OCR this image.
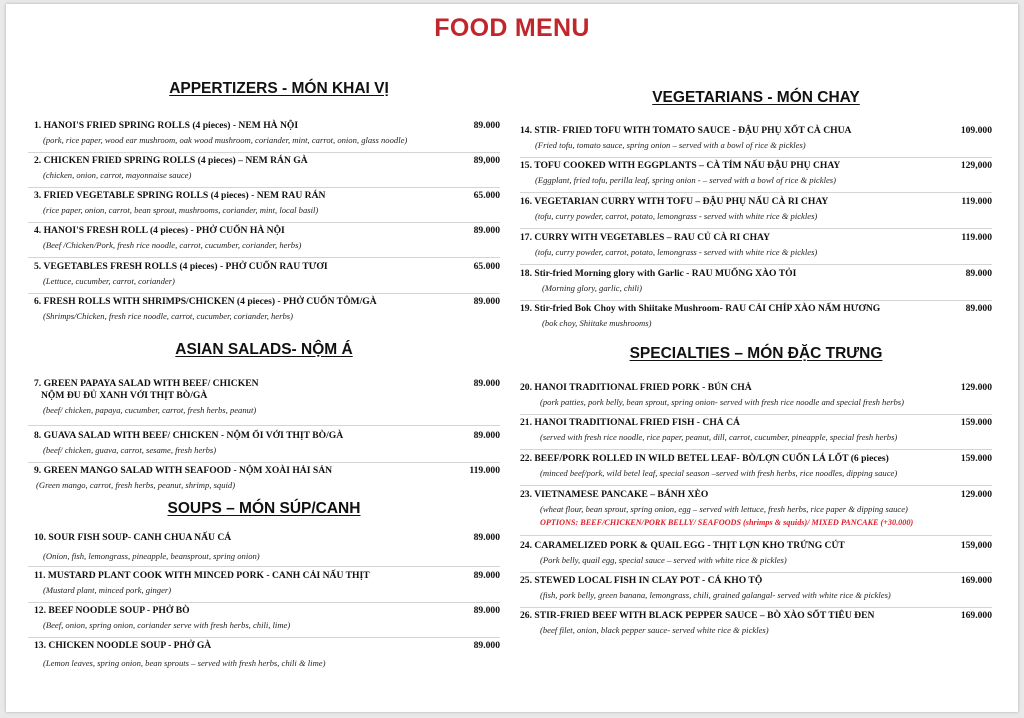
FOOD MENU
APPERTIZERS - MÓN KHAI VỊ
1. HANOI'S FRIED SPRING ROLLS (4 pieces) - NEM HÀ NỘI	89.000
(pork, rice paper, wood ear mushroom, oak wood mushroom, coriander, mint, carrot, onion, glass noodle)
2. CHICKEN FRIED SPRING ROLLS (4 pieces) – NEM RÁN GÀ	89,000
(chicken, onion, carrot, mayonnaise sauce)
3. FRIED VEGETABLE SPRING ROLLS (4 pieces) - NEM RAU RÁN	65.000
(rice paper, onion, carrot, bean sprout, mushrooms, coriander, mint, local basil)
4. HANOI'S FRESH ROLL (4 pieces) - PHỞ CUỐN HÀ NỘI	89.000
(Beef /Chicken/Pork, fresh rice noodle, carrot, cucumber, coriander, herbs)
5. VEGETABLES FRESH ROLLS (4 pieces) - PHỞ CUỐN RAU TƯƠI	65.000
(Lettuce, cucumber, carrot, coriander)
6. FRESH ROLLS WITH SHRIMPS/CHICKEN (4 pieces) - PHỞ CUỐN TÔM/GÀ	89.000
(Shrimps/Chicken, fresh rice noodle, carrot, cucumber, coriander, herbs)
ASIAN SALADS- NỘM Á
7. GREEN PAPAYA SALAD WITH BEEF/ CHICKEN	89.000
NỘM ĐU ĐỦ XANH VỚI THỊT BÒ/GÀ
(beef/ chicken, papaya, cucumber, carrot, fresh herbs, peanut)
8. GUAVA SALAD WITH BEEF/ CHICKEN - NỘM ỔI VỚI THỊT BÒ/GÀ	89.000
(beef/ chicken, guava, carrot, sesame, fresh herbs)
9. GREEN MANGO SALAD WITH SEAFOOD - NỘM XOÀI HẢI SẢN	119.000
(Green mango, carrot, fresh herbs, peanut, shrimp, squid)
SOUPS – MÓN SÚP/CANH
10. SOUR FISH SOUP- CANH CHUA NẤU CÁ	89.000
(Onion, fish, lemongrass, pineapple, beansprout, spring onion)
11. MUSTARD PLANT COOK WITH MINCED PORK - CANH CẢI NẤU THỊT	89.000
(Mustard plant, minced pork, ginger)
12. BEEF NOODLE SOUP - PHỞ BÒ	89.000
(Beef, onion, spring onion, coriander serve with fresh herbs, chili, lime)
13. CHICKEN NOODLE SOUP - PHỞ GÀ	89.000
(Lemon leaves, spring onion, bean sprouts – served with fresh herbs, chili & lime)
VEGETARIANS - MÓN CHAY
14. STIR- FRIED TOFU WITH TOMATO SAUCE - ĐẬU PHỤ XỐT CÀ CHUA	109.000
(Fried tofu, tomato sauce, spring onion – served with a bowl of rice & pickles)
15. TOFU COOKED WITH EGGPLANTS – CÀ TÍM NẤU ĐẬU PHỤ CHAY	129,000
(Eggplant, fried tofu, perilla leaf, spring onion - – served with a bowl of rice & pickles)
16. VEGETARIAN CURRY WITH TOFU – ĐẬU PHỤ NẤU CÀ RI CHAY	119.000
(tofu, curry powder, carrot, potato, lemongrass - served with white rice & pickles)
17. CURRY WITH VEGETABLES – RAU CỦ CÀ RI CHAY	119.000
(tofu, curry powder, carrot, potato, lemongrass - served with white rice & pickles)
18. Stir-fried Morning glory with Garlic - RAU MUỐNG XÀO TỎI	89.000
(Morning glory, garlic, chili)
19. Stir-fried Bok Choy with Shiitake Mushroom- RAU CẢI CHÍP XÀO NẤM HƯƠNG	89.000
(bok choy, Shiitake mushrooms)
SPECIALTIES – MÓN ĐẶC TRƯNG
20. HANOI TRADITIONAL FRIED PORK - BÚN CHẢ	129.000
(pork patties, pork belly, bean sprout, spring onion- served with fresh rice noodle and special fresh herbs)
21. HANOI TRADITIONAL FRIED FISH - CHẢ CÁ	159.000
(served with fresh rice noodle, rice paper, peanut, dill, carrot, cucumber, pineapple, special fresh herbs)
22. BEEF/PORK ROLLED IN WILD BETEL LEAF- BÒ/LỢN CUỐN LÁ LỐT (6 pieces)	159.000
(minced beef/pork, wild betel leaf, special season –served with fresh herbs, rice noodles, dipping sauce)
23. VIETNAMESE PANCAKE – BÁNH XÈO	129.000
(wheat flour, bean sprout, spring onion, egg – served with lettuce, fresh herbs, rice paper & dipping sauce)
OPTIONS: BEEF/CHICKEN/PORK BELLY/ SEAFOODS (shrimps & squids)/ MIXED PANCAKE (+30.000)
24. CARAMELIZED PORK & QUAIL EGG - THỊT LỢN KHO TRỨNG CÚT	159,000
(Pork belly, quail egg, special sauce – served with white rice & pickles)
25. STEWED LOCAL FISH IN CLAY POT - CÁ KHO TỘ	169.000
(fish, pork belly, green banana, lemongrass, chili, grained galangal- served with white rice & pickles)
26. STIR-FRIED BEEF WITH BLACK PEPPER SAUCE – BÒ XÀO SỐT TIÊU ĐEN	169.000
(beef filet, onion, black pepper sauce- served white rice & pickles)
